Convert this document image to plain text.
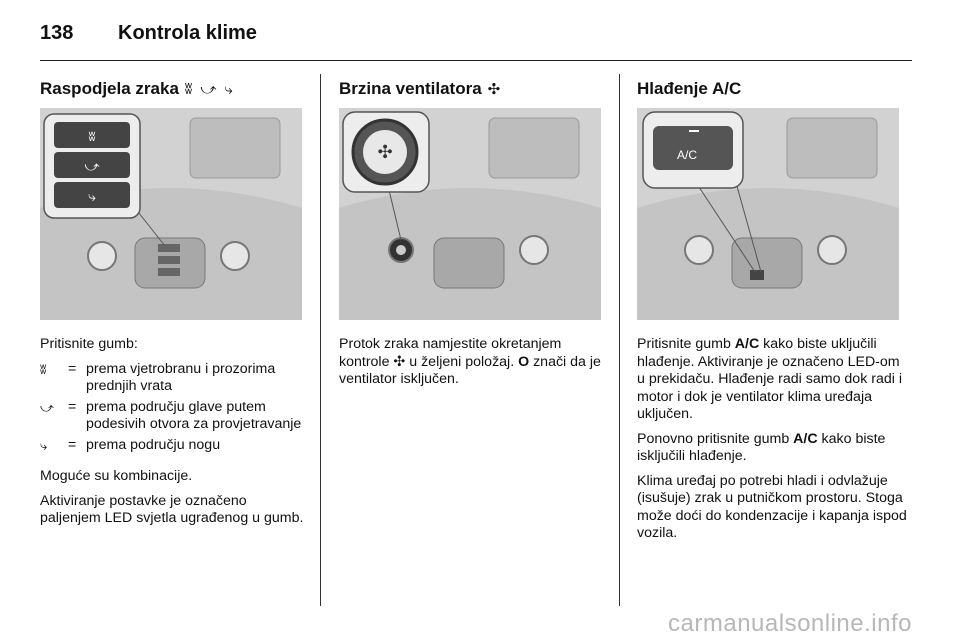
138	Kontrola klime
Raspodjela zraka ⁠ʬ ⤻ ⤷
ʬ
⤻
⤷

Pritisnite gumb:

ʬ	= prema vjetrobranu i prozorima prednjih vrata
⤻ = prema području glave putem podesivih otvora za provjetravanje
⤷	= prema području nogu

Moguće su kombinacije.

Aktiviranje postavke je označeno paljenjem LED svjetla ugrađenog u gumb.

Brzina ventilatora ✣
✣

Protok zraka namjestite okretanjem kontrole ✣ u željeni položaj. O znači da je ventilator isključen.

Hlađenje A/C
A/C

Pritisnite gumb A/C kako biste uključili hlađenje. Aktiviranje je označeno LED-om u prekidaču. Hlađenje radi samo dok radi i motor i dok je ventilator klima uređaja uključen.

Ponovno pritisnite gumb A/C kako biste isključili hlađenje.

Klima uređaj po potrebi hladi i odvlažuje (isušuje) zrak u putničkom prostoru. Stoga može doći do kondenzacije i kapanja ispod vozila.

carmanualsonline.info
